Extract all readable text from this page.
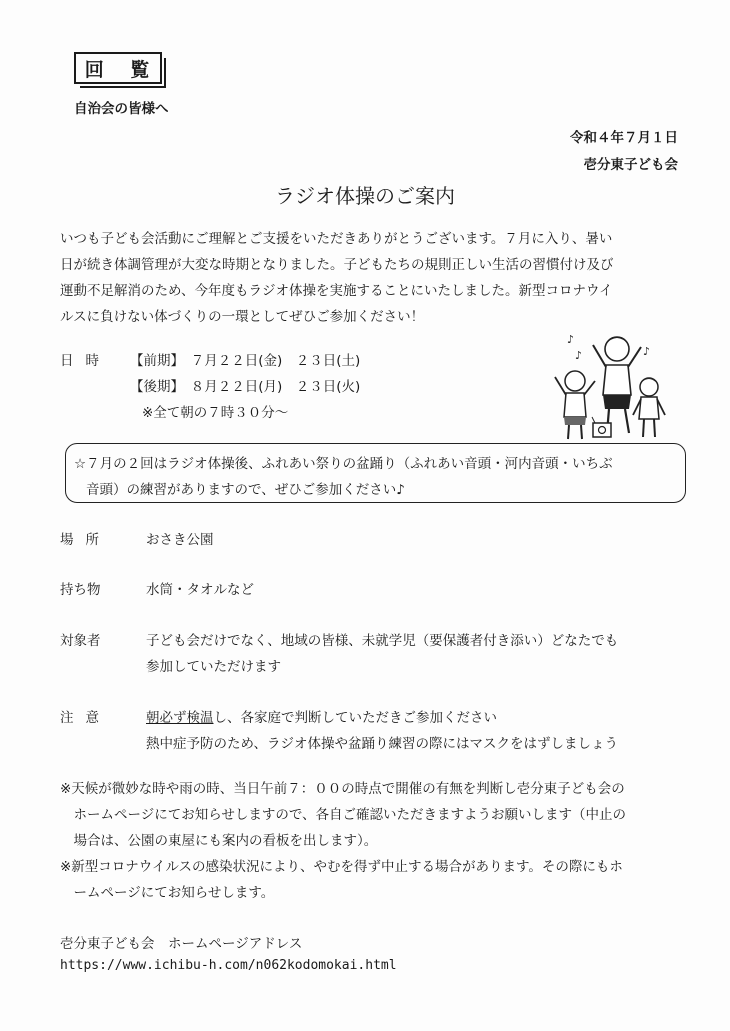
回 覧
自治会の皆様へ
令和４年７月１日
壱分東子ども会
ラジオ体操のご案内
いつも子ども会活動にご理解とご支援をいただきありがとうございます。７月に入り、暑い
日が続き体調管理が大変な時期となりました。子どもたちの規則正しい生活の習慣付け及び
運動不足解消のため、今年度もラジオ体操を実施することにいたしました。新型コロナウイ
ルスに負けない体づくりの一環としてぜひご参加ください！
日時 【前期】　７月２２日(金)　２３日(土)
【後期】　８月２２日(月)　２３日(火)
※全て朝の７時３０分～
♪
♪	♪
☆７月の２回はラジオ体操後、ふれあい祭りの盆踊り（ふれあい音頭・河内音頭・いちぶ
音頭）の練習がありますので、ぜひご参加ください♪
場所	おさき公園
持ち物	水筒・タオルなど
対象者	子ども会だけでなく、地域の皆様、未就学児（要保護者付き添い）どなたでも
参加していただけます
注意	朝必ず検温し、各家庭で判断していただきご参加ください
熱中症予防のため、ラジオ体操や盆踊り練習の際にはマスクをはずしましょう
※天候が微妙な時や雨の時、当日午前７：００の時点で開催の有無を判断し壱分東子ども会の
　ホームページにてお知らせしますので、各自ご確認いただきますようお願いします（中止の
　場合は、公園の東屋にも案内の看板を出します）。
※新型コロナウイルスの感染状況により、やむを得ず中止する場合があります。その際にもホ
　ームページにてお知らせします。
壱分東子ども会　ホームページアドレス
https://www.ichibu-h.com/n062kodomokai.html
